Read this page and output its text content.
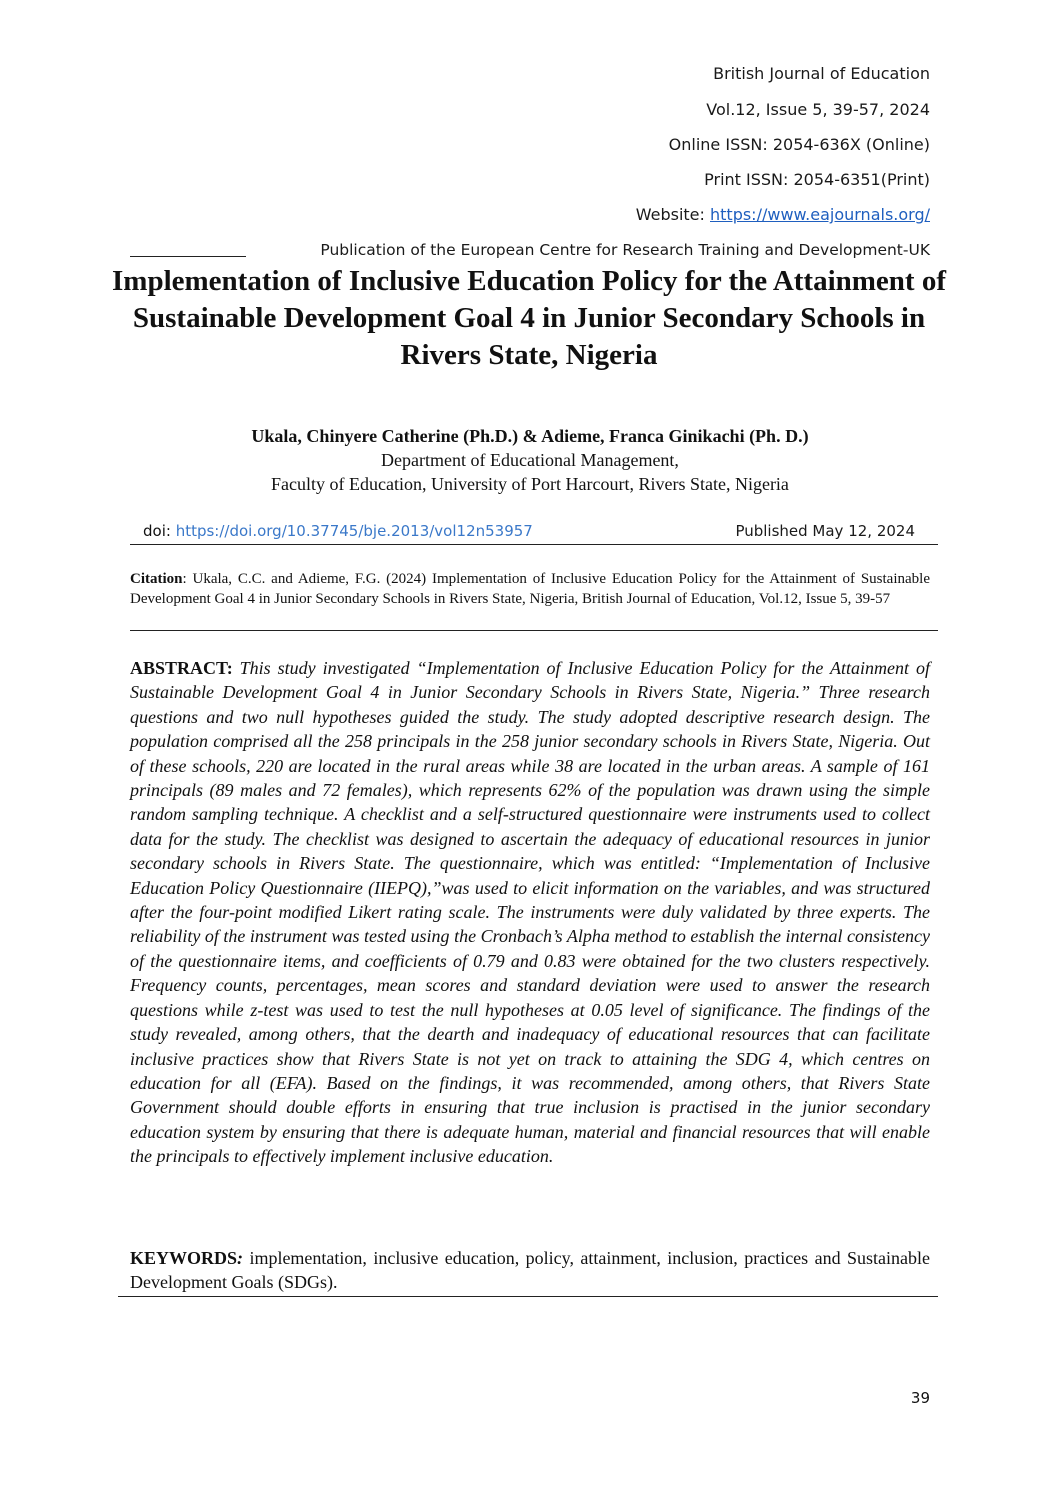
British Journal of Education
Vol.12, Issue 5, 39-57, 2024
Online ISSN: 2054-636X (Online)
Print ISSN: 2054-6351(Print)
Website: https://www.eajournals.org/
Publication of the European Centre for Research Training and Development-UK
Implementation of Inclusive Education Policy for the Attainment of Sustainable Development Goal 4 in Junior Secondary Schools in Rivers State, Nigeria
Ukala, Chinyere Catherine (Ph.D.) & Adieme, Franca Ginikachi (Ph. D.)
Department of Educational Management,
Faculty of Education, University of Port Harcourt, Rivers State, Nigeria
doi: https://doi.org/10.37745/bje.2013/vol12n53957	Published May 12, 2024
Citation: Ukala, C.C. and Adieme, F.G. (2024) Implementation of Inclusive Education Policy for the Attainment of Sustainable Development Goal 4 in Junior Secondary Schools in Rivers State, Nigeria, British Journal of Education, Vol.12, Issue 5, 39-57
ABSTRACT: This study investigated “Implementation of Inclusive Education Policy for the Attainment of Sustainable Development Goal 4 in Junior Secondary Schools in Rivers State, Nigeria.” Three research questions and two null hypotheses guided the study. The study adopted descriptive research design. The population comprised all the 258 principals in the 258 junior secondary schools in Rivers State, Nigeria. Out of these schools, 220 are located in the rural areas while 38 are located in the urban areas. A sample of 161 principals (89 males and 72 females), which represents 62% of the population was drawn using the simple random sampling technique. A checklist and a self-structured questionnaire were instruments used to collect data for the study. The checklist was designed to ascertain the adequacy of educational resources in junior secondary schools in Rivers State. The questionnaire, which was entitled: “Implementation of Inclusive Education Policy Questionnaire (IIEPQ),”was used to elicit information on the variables, and was structured after the four-point modified Likert rating scale. The instruments were duly validated by three experts. The reliability of the instrument was tested using the Cronbach’s Alpha method to establish the internal consistency of the questionnaire items, and coefficients of 0.79 and 0.83 were obtained for the two clusters respectively. Frequency counts, percentages, mean scores and standard deviation were used to answer the research questions while z-test was used to test the null hypotheses at 0.05 level of significance. The findings of the study revealed, among others, that the dearth and inadequacy of educational resources that can facilitate inclusive practices show that Rivers State is not yet on track to attaining the SDG 4, which centres on education for all (EFA). Based on the findings, it was recommended, among others, that Rivers State Government should double efforts in ensuring that true inclusion is practised in the junior secondary education system by ensuring that there is adequate human, material and financial resources that will enable the principals to effectively implement inclusive education.
KEYWORDS: implementation, inclusive education, policy, attainment, inclusion, practices and Sustainable Development Goals (SDGs).
39
